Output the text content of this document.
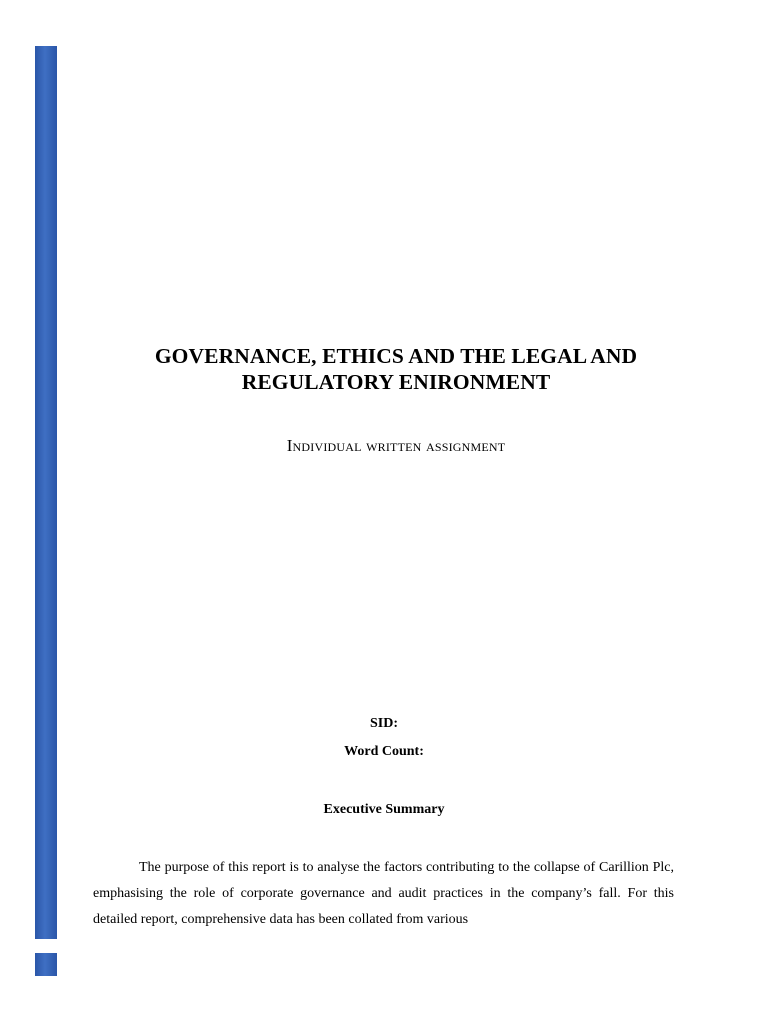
GOVERNANCE, ETHICS AND THE LEGAL AND
REGULATORY ENIRONMENT

Individual written assignment

SID:

Word Count:

Executive Summary

The purpose of this report is to analyse the factors contributing to the collapse of Carillion Plc, emphasising the role of corporate governance and audit practices in the company’s fall. For this detailed report, comprehensive data has been collated from various
